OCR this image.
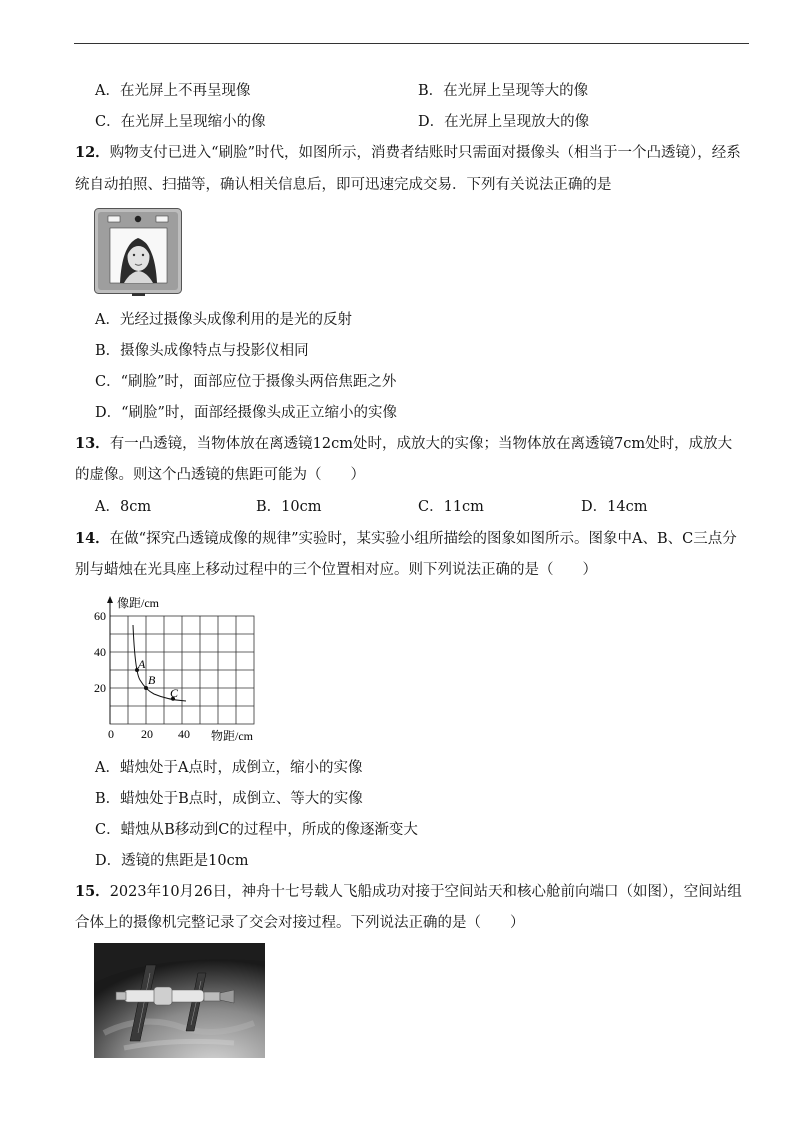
A．在光屏上不再呈现像	B．在光屏上呈现等大的像
C．在光屏上呈现缩小的像	D．在光屏上呈现放大的像
12．购物支付已进入“刷脸”时代，如图所示，消费者结账时只需面对摄像头（相当于一个凸透镜），经系
统自动拍照、扫描等，确认相关信息后，即可迅速完成交易．下列有关说法正确的是
A．光经过摄像头成像利用的是光的反射
B．摄像头成像特点与投影仪相同
C．“刷脸”时，面部应位于摄像头两倍焦距之外
D．“刷脸”时，面部经摄像头成正立缩小的实像
13．有一凸透镜，当物体放在离透镜12cm处时，成放大的实像；当物体放在离透镜7cm处时，成放大
的虚像。则这个凸透镜的焦距可能为（　　）
A．8cm	B．10cm	C．11cm	D．14cm
14．在做“探究凸透镜成像的规律”实验时，某实验小组所描绘的图象如图所示。图象中A、B、C三点分
别与蜡烛在光具座上移动过程中的三个位置相对应。则下列说法正确的是（　　）
像距/cm
60
40
20
0 20 40 物距/cm
A
B
C
A．蜡烛处于A点时，成倒立，缩小的实像
B．蜡烛处于B点时，成倒立、等大的实像
C．蜡烛从B移动到C的过程中，所成的像逐渐变大
D．透镜的焦距是10cm
15．2023年10月26日，神舟十七号载人飞船成功对接于空间站天和核心舱前向端口（如图），空间站组
合体上的摄像机完整记录了交会对接过程。下列说法正确的是（　　）
